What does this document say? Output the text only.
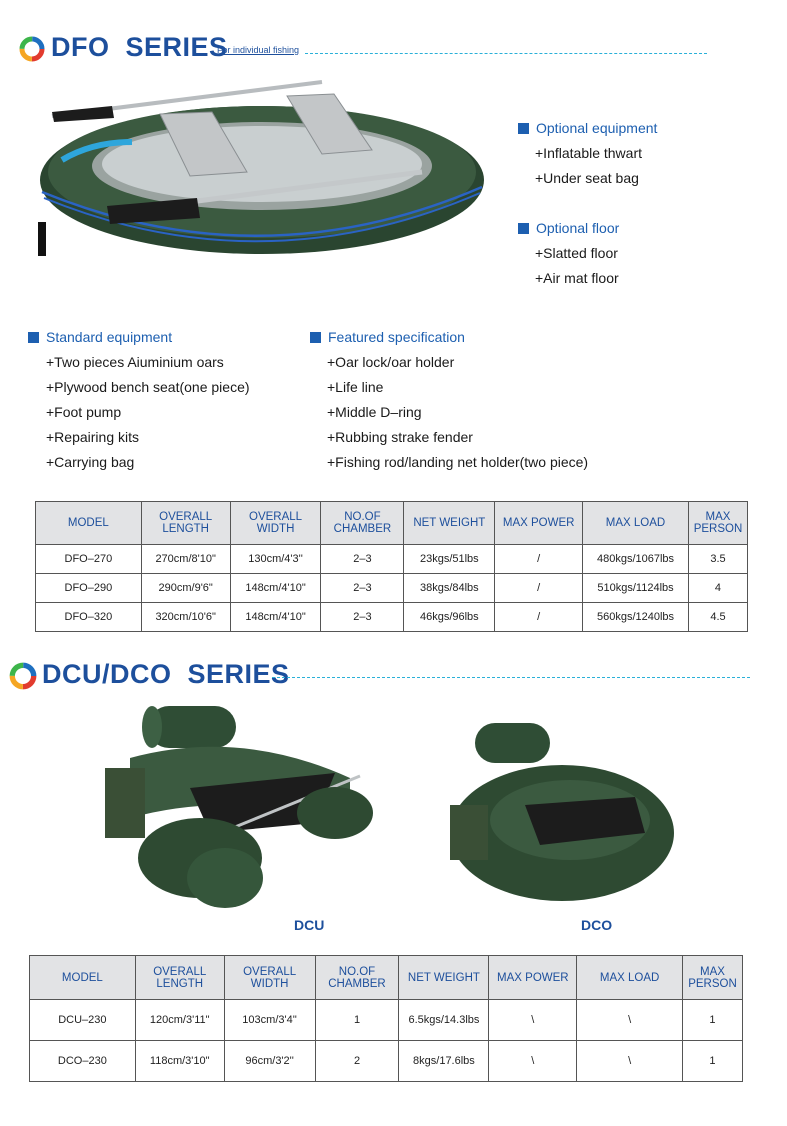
DFO  SERIES
For individual fishing
Optional equipment
+Inflatable thwart
+Under seat bag
Optional floor
+Slatted floor
+Air mat floor
Standard equipment
+Two pieces Aiuminium oars
+Plywood bench seat(one piece)
+Foot pump
+Repairing kits
+Carrying bag
Featured specification
+Oar lock/oar holder
+Life line
+Middle D–ring
+Rubbing strake fender
+Fishing rod/landing net holder(two piece)
MODEL	OVERALL LENGTH	OVERALL WIDTH	NO.OF CHAMBER	NET WEIGHT	MAX POWER	MAX LOAD	MAX PERSON
DFO–270	270cm/8'10"	130cm/4'3''	2–3	23kgs/51lbs	/	480kgs/1067lbs	3.5
DFO–290	290cm/9'6"	148cm/4'10"	2–3	38kgs/84lbs	/	510kgs/1124lbs	4
DFO–320	320cm/10'6"	148cm/4'10"	2–3	46kgs/96lbs	/	560kgs/1240lbs	4.5
DCU/DCO  SERIES
DCU	DCO
MODEL	OVERALL LENGTH	OVERALL WIDTH	NO.OF CHAMBER	NET WEIGHT	MAX POWER	MAX LOAD	MAX PERSON
DCU–230	120cm/3'11"	103cm/3'4''	1	6.5kgs/14.3lbs	\	\	1
DCO–230	118cm/3'10"	96cm/3'2''	2	8kgs/17.6lbs	\	\	1
